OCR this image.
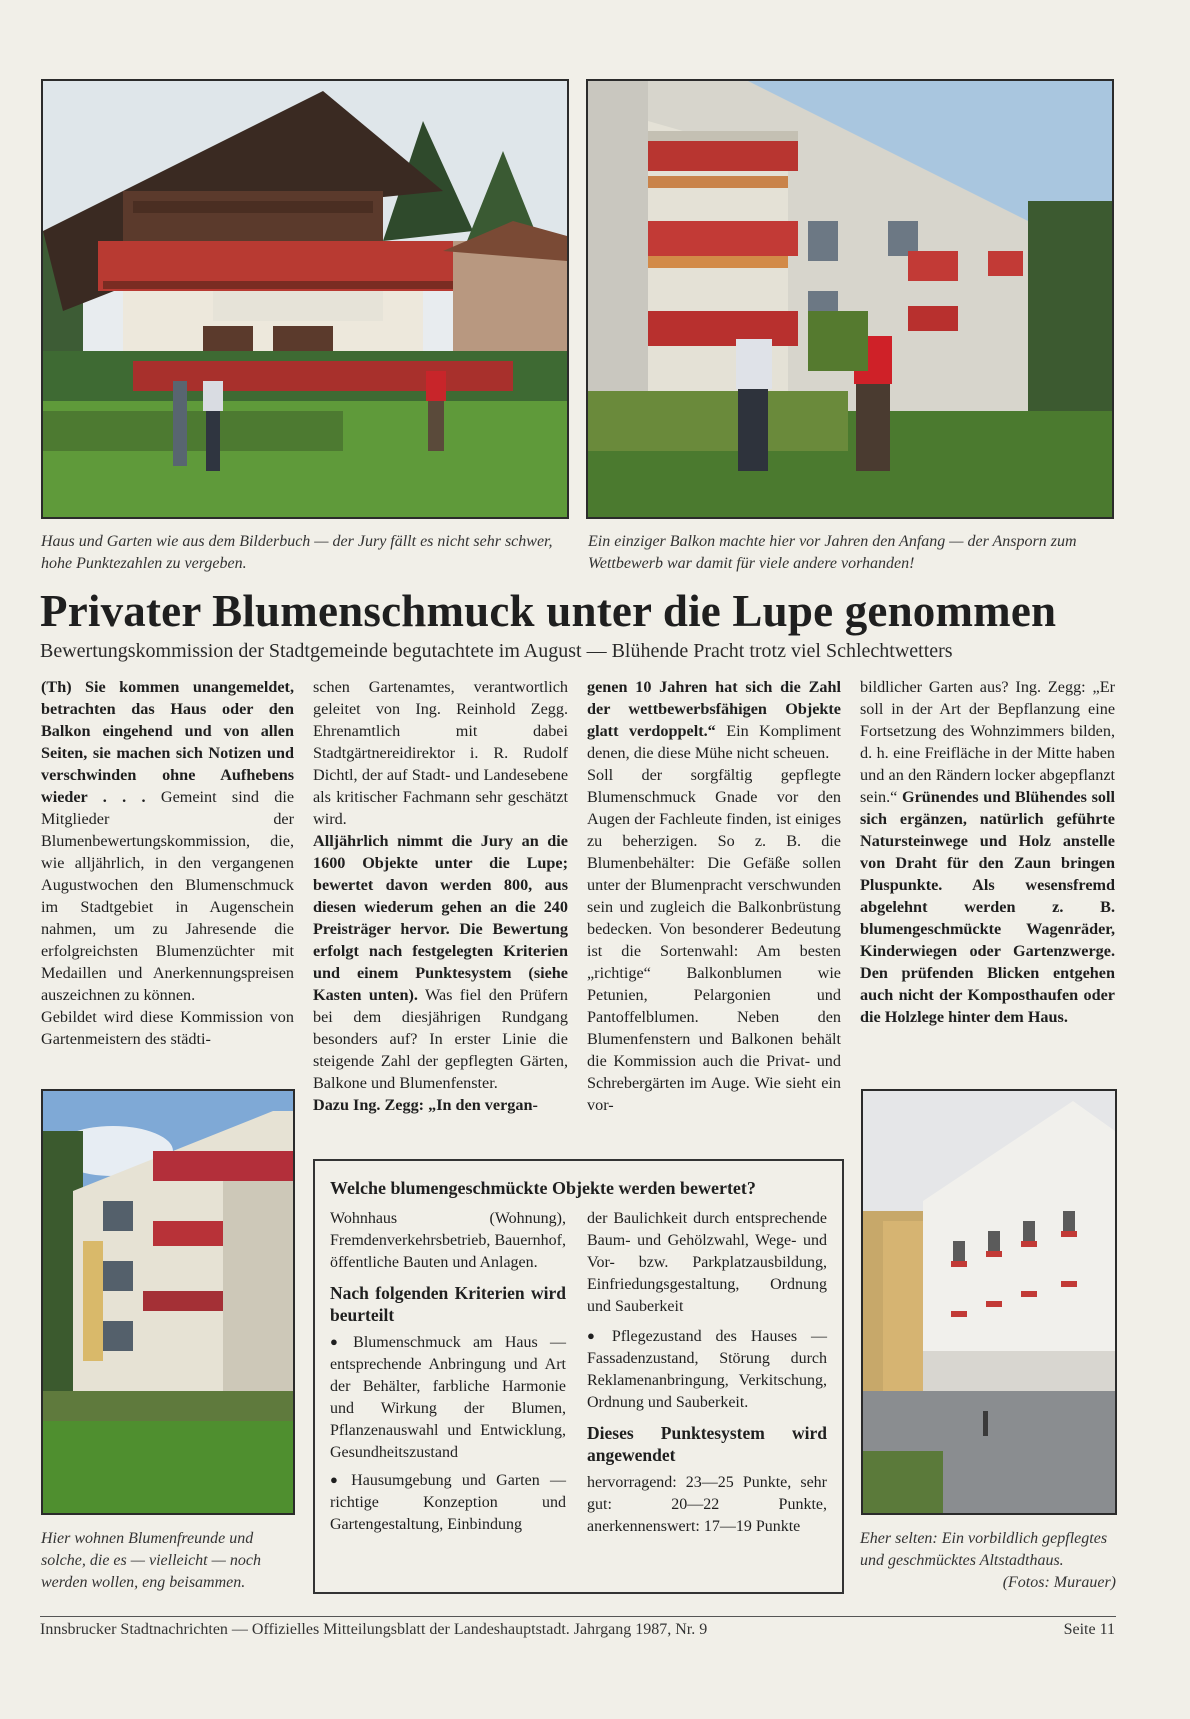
Haus und Garten wie aus dem Bilderbuch — der Jury fällt es nicht sehr schwer, hohe Punktezahlen zu vergeben.
Ein einziger Balkon machte hier vor Jahren den Anfang — der Ansporn zum Wettbewerb war damit für viele andere vorhanden!
Privater Blumenschmuck unter die Lupe genommen
Bewertungskommission der Stadtgemeinde begutachtete im August — Blühende Pracht trotz viel Schlechtwetters

(Th) Sie kommen unangemeldet, betrachten das Haus oder den Balkon eingehend und von allen Seiten, sie machen sich Notizen und verschwinden ohne Aufhebens wieder . . . Gemeint sind die Mitglieder der Blumenbewertungskommission, die, wie alljährlich, in den vergangenen Augustwochen den Blumenschmuck im Stadtgebiet in Augenschein nahmen, um zu Jahresende die erfolgreichsten Blumenzüchter mit Medaillen und Anerkennungspreisen auszeichnen zu können.

Gebildet wird diese Kommission von Gartenmeistern des städti-

schen Gartenamtes, verantwortlich geleitet von Ing. Reinhold Zegg. Ehrenamtlich mit dabei Stadtgärtnereidirektor i. R. Rudolf Dichtl, der auf Stadt- und Landesebene als kritischer Fachmann sehr geschätzt wird.

Alljährlich nimmt die Jury an die 1600 Objekte unter die Lupe; bewertet davon werden 800, aus diesen wiederum gehen an die 240 Preisträger hervor. Die Bewertung erfolgt nach festgelegten Kriterien und einem Punktesystem (siehe Kasten unten). Was fiel den Prüfern bei dem diesjährigen Rundgang besonders auf? In erster Linie die steigende Zahl der gepflegten Gärten, Balkone und Blumenfenster.

Dazu Ing. Zegg: „In den vergan-

genen 10 Jahren hat sich die Zahl der wettbewerbsfähigen Objekte glatt verdoppelt.“ Ein Kompliment denen, die diese Mühe nicht scheuen.

Soll der sorgfältig gepflegte Blumenschmuck Gnade vor den Augen der Fachleute finden, ist einiges zu beherzigen. So z. B. die Blumenbehälter: Die Gefäße sollen unter der Blumenpracht verschwunden sein und zugleich die Balkonbrüstung bedecken. Von besonderer Bedeutung ist die Sortenwahl: Am besten „richtige“ Balkonblumen wie Petunien, Pelargonien und Pantoffelblumen. Neben den Blumenfenstern und Balkonen behält die Kommission auch die Privat- und Schrebergärten im Auge. Wie sieht ein vor-

bildlicher Garten aus? Ing. Zegg: „Er soll in der Art der Bepflanzung eine Fortsetzung des Wohnzimmers bilden, d. h. eine Freifläche in der Mitte haben und an den Rändern locker abgepflanzt sein.“ Grünendes und Blühendes soll sich ergänzen, natürlich geführte Natursteinwege und Holz anstelle von Draht für den Zaun bringen Pluspunkte. Als wesensfremd abgelehnt werden z. B. blumengeschmückte Wagenräder, Kinderwiegen oder Gartenzwerge. Den prüfenden Blicken entgehen auch nicht der Komposthaufen oder die Holzlege hinter dem Haus.

Hier wohnen Blumenfreunde und solche, die es — vielleicht — noch werden wollen, eng beisammen.
Eher selten: Ein vorbildlich gepflegtes und geschmücktes Altstadthaus.
(Fotos: Murauer)
Welche blumengeschmückte Objekte werden bewertet?

Wohnhaus (Wohnung), Fremdenverkehrsbetrieb, Bauernhof, öffentliche Bauten und Anlagen.

Nach folgenden Kriterien wird beurteilt

● Blumenschmuck am Haus — entsprechende Anbringung und Art der Behälter, farbliche Harmonie und Wirkung der Blumen, Pflanzenauswahl und Entwicklung, Gesundheitszustand

● Hausumgebung und Garten — richtige Konzeption und Gartengestaltung, Einbindung

der Baulichkeit durch entsprechende Baum- und Gehölzwahl, Wege- und Vor- bzw. Parkplatzausbildung, Einfriedungsgestaltung, Ordnung und Sauberkeit

● Pflegezustand des Hauses — Fassadenzustand, Störung durch Reklamenanbringung, Verkitschung, Ordnung und Sauberkeit.

Dieses Punktesystem wird angewendet

hervorragend: 23—25 Punkte, sehr gut: 20—22 Punkte, anerkennenswert: 17—19 Punkte

Innsbrucker Stadtnachrichten — Offizielles Mitteilungsblatt der Landeshauptstadt. Jahrgang 1987, Nr. 9	Seite 11
